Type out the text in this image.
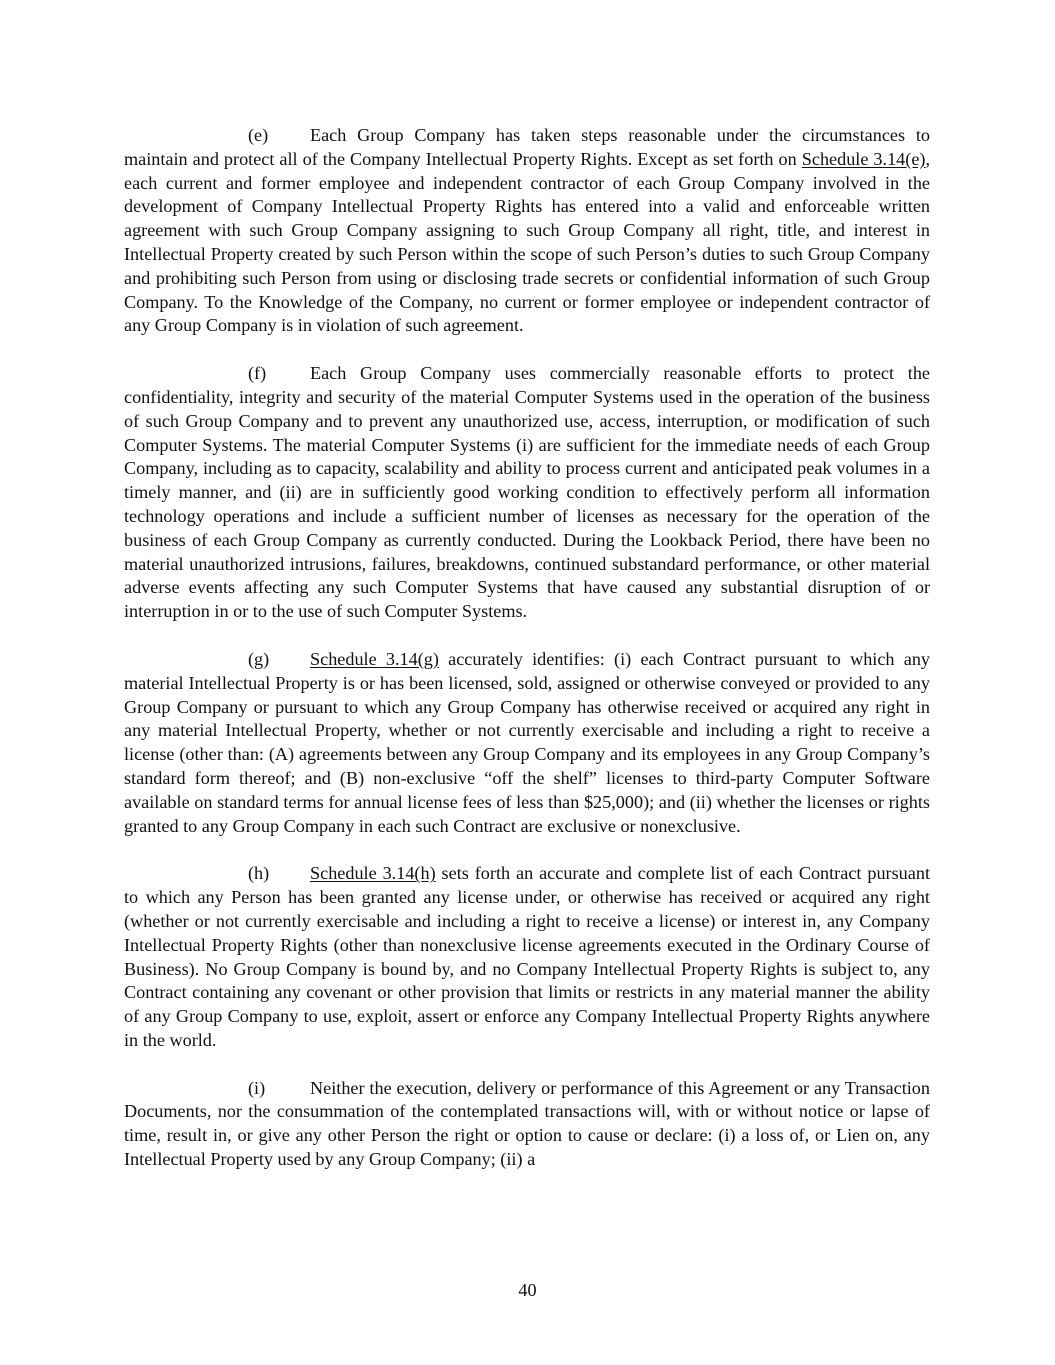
(e) Each Group Company has taken steps reasonable under the circumstances to maintain and protect all of the Company Intellectual Property Rights. Except as set forth on Schedule 3.14(e), each current and former employee and independent contractor of each Group Company involved in the development of Company Intellectual Property Rights has entered into a valid and enforceable written agreement with such Group Company assigning to such Group Company all right, title, and interest in Intellectual Property created by such Person within the scope of such Person’s duties to such Group Company and prohibiting such Person from using or disclosing trade secrets or confidential information of such Group Company. To the Knowledge of the Company, no current or former employee or independent contractor of any Group Company is in violation of such agreement.

(f) Each Group Company uses commercially reasonable efforts to protect the confidentiality, integrity and security of the material Computer Systems used in the operation of the business of such Group Company and to prevent any unauthorized use, access, interruption, or modification of such Computer Systems. The material Computer Systems (i) are sufficient for the immediate needs of each Group Company, including as to capacity, scalability and ability to process current and anticipated peak volumes in a timely manner, and (ii) are in sufficiently good working condition to effectively perform all information technology operations and include a sufficient number of licenses as necessary for the operation of the business of each Group Company as currently conducted. During the Lookback Period, there have been no material unauthorized intrusions, failures, breakdowns, continued substandard performance, or other material adverse events affecting any such Computer Systems that have caused any substantial disruption of or interruption in or to the use of such Computer Systems.

(g) Schedule 3.14(g) accurately identifies: (i) each Contract pursuant to which any material Intellectual Property is or has been licensed, sold, assigned or otherwise conveyed or provided to any Group Company or pursuant to which any Group Company has otherwise received or acquired any right in any material Intellectual Property, whether or not currently exercisable and including a right to receive a license (other than: (A) agreements between any Group Company and its employees in any Group Company’s standard form thereof; and (B) non-exclusive “off the shelf” licenses to third-party Computer Software available on standard terms for annual license fees of less than $25,000); and (ii) whether the licenses or rights granted to any Group Company in each such Contract are exclusive or nonexclusive.

(h) Schedule 3.14(h) sets forth an accurate and complete list of each Contract pursuant to which any Person has been granted any license under, or otherwise has received or acquired any right (whether or not currently exercisable and including a right to receive a license) or interest in, any Company Intellectual Property Rights (other than nonexclusive license agreements executed in the Ordinary Course of Business). No Group Company is bound by, and no Company Intellectual Property Rights is subject to, any Contract containing any covenant or other provision that limits or restricts in any material manner the ability of any Group Company to use, exploit, assert or enforce any Company Intellectual Property Rights anywhere in the world.

(i) Neither the execution, delivery or performance of this Agreement or any Transaction Documents, nor the consummation of the contemplated transactions will, with or without notice or lapse of time, result in, or give any other Person the right or option to cause or declare: (i) a loss of, or Lien on, any Intellectual Property used by any Group Company; (ii) a

40
